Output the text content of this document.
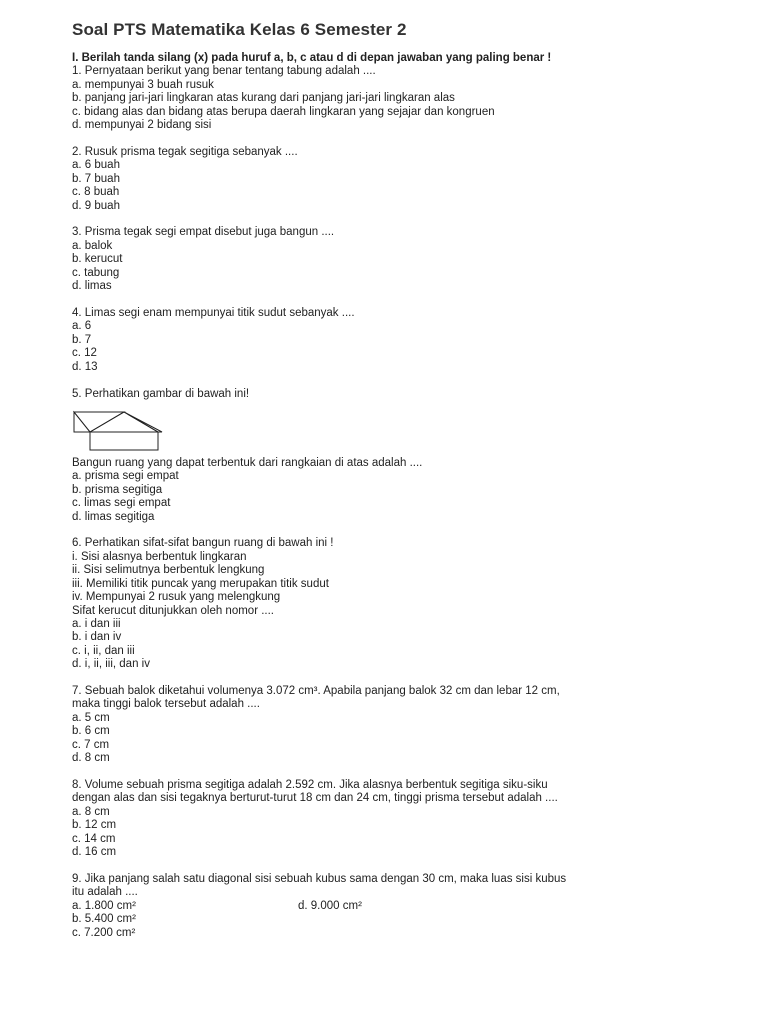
Soal PTS Matematika Kelas 6 Semester 2
I. Berilah tanda silang (x) pada huruf a, b, c atau d di depan jawaban yang paling benar !
1. Pernyataan berikut yang benar tentang tabung adalah ....
a. mempunyai 3 buah rusuk
b. panjang jari-jari lingkaran atas kurang dari panjang jari-jari lingkaran alas
c. bidang alas dan bidang atas berupa daerah lingkaran yang sejajar dan kongruen
d. mempunyai 2 bidang sisi
2. Rusuk prisma tegak segitiga sebanyak ....
a. 6 buah
b. 7 buah
c. 8 buah
d. 9 buah
3. Prisma tegak segi empat disebut juga bangun ....
a. balok
b. kerucut
c. tabung
d. limas
4. Limas segi enam mempunyai titik sudut sebanyak ....
a. 6
b. 7
c. 12
d. 13
5. Perhatikan gambar di bawah ini!
Bangun ruang yang dapat terbentuk dari rangkaian di atas adalah ....
a. prisma segi empat
b. prisma segitiga
c. limas segi empat
d. limas segitiga
6. Perhatikan sifat-sifat bangun ruang di bawah ini !
i. Sisi alasnya berbentuk lingkaran
ii. Sisi selimutnya berbentuk lengkung
iii. Memiliki titik puncak yang merupakan titik sudut
iv. Mempunyai 2 rusuk yang melengkung
Sifat kerucut ditunjukkan oleh nomor ....
a. i dan iii
b. i dan iv
c. i, ii, dan iii
d. i, ii, iii, dan iv
7. Sebuah balok diketahui volumenya 3.072 cm³. Apabila panjang balok 32 cm dan lebar 12 cm,
maka tinggi balok tersebut adalah ....
a. 5 cm
b. 6 cm
c. 7 cm
d. 8 cm
8. Volume sebuah prisma segitiga adalah 2.592 cm. Jika alasnya berbentuk segitiga siku-siku
dengan alas dan sisi tegaknya berturut-turut 18 cm dan 24 cm, tinggi prisma tersebut adalah ....
a. 8 cm
b. 12 cm
c. 14 cm
d. 16 cm
9. Jika panjang salah satu diagonal sisi sebuah kubus sama dengan 30 cm, maka luas sisi kubus
itu adalah ....
a. 1.800 cm²	d. 9.000 cm²
b. 5.400 cm²
c. 7.200 cm²
